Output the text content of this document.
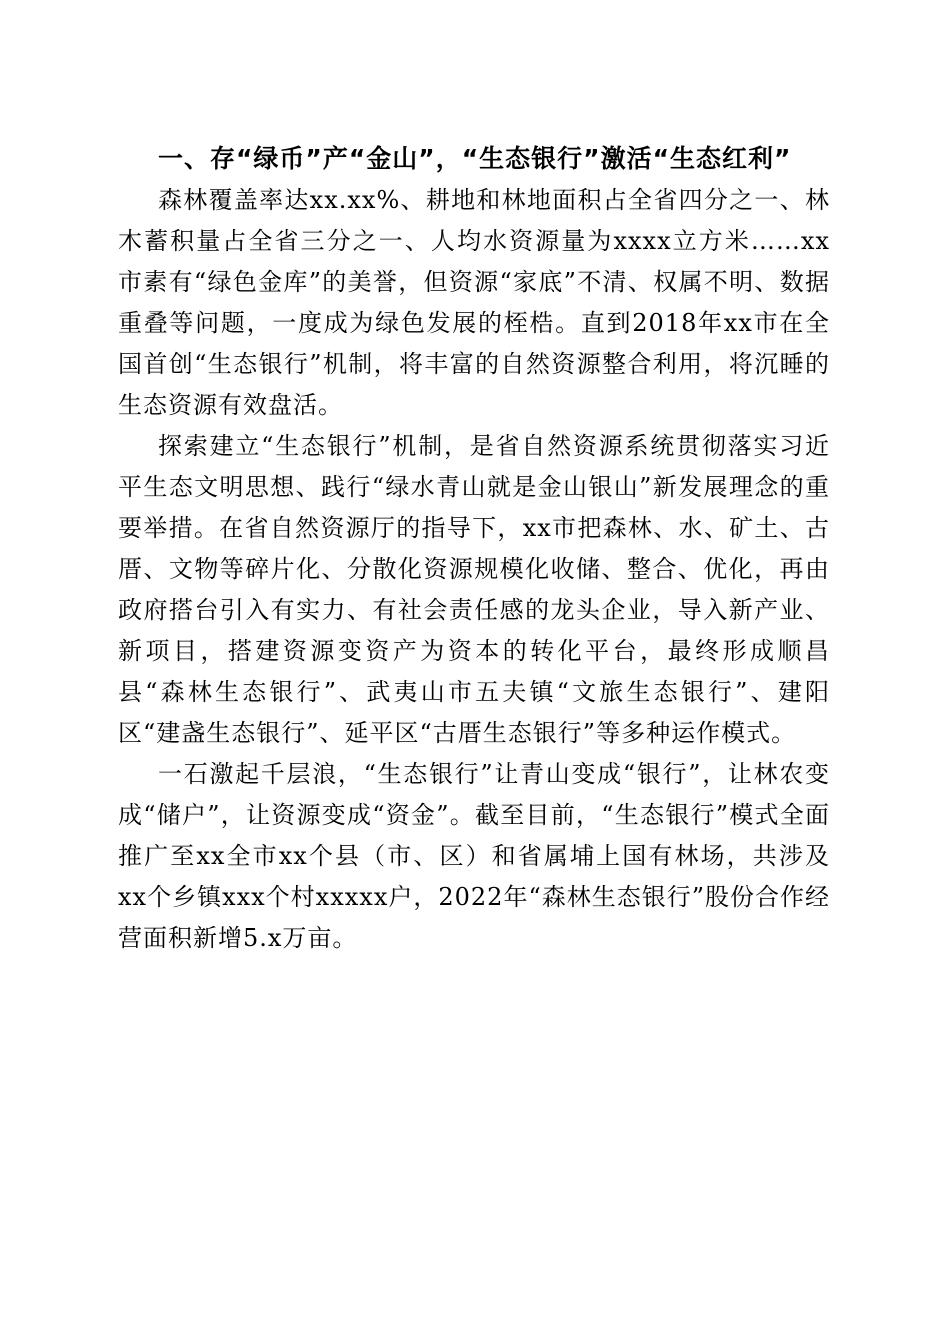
一、存“绿币”产“金山”，“生态银行”激活“生态红利”

森林覆盖率达xx.xx%、耕地和林地面积占全省四分之一、林木蓄积量占全省三分之一、人均水资源量为xxxx立方米……xx市素有“绿色金库”的美誉，但资源“家底”不清、权属不明、数据重叠等问题，一度成为绿色发展的桎梏。直到2018年xx市在全国首创“生态银行”机制，将丰富的自然资源整合利用，将沉睡的生态资源有效盘活。

探索建立“生态银行”机制，是省自然资源系统贯彻落实习近平生态文明思想、践行“绿水青山就是金山银山”新发展理念的重要举措。在省自然资源厅的指导下，xx市把森林、水、矿土、古厝、文物等碎片化、分散化资源规模化收储、整合、优化，再由政府搭台引入有实力、有社会责任感的龙头企业，导入新产业、新项目，搭建资源变资产为资本的转化平台，最终形成顺昌县“森林生态银行”、武夷山市五夫镇“文旅生态银行”、建阳区“建盏生态银行”、延平区“古厝生态银行”等多种运作模式。

一石激起千层浪，“生态银行”让青山变成“银行”，让林农变成“储户”，让资源变成“资金”。截至目前，“生态银行”模式全面推广至xx全市xx个县（市、区）和省属埔上国有林场，共涉及xx个乡镇xxx个村xxxxx户，2022年“森林生态银行”股份合作经营面积新增5.x万亩。
